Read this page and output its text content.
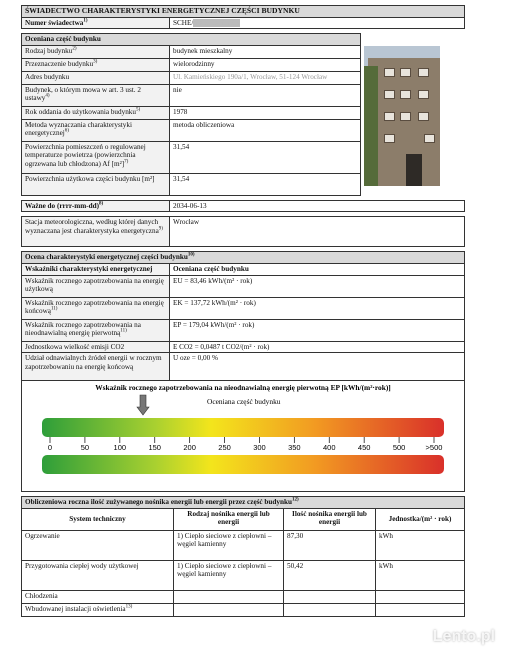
ŚWIADECTWO CHARAKTERYSTYKI ENERGETYCZNEJ CZĘŚCI BUDYNKU
Numer świadectwa$^{1)}$	SCHE/XXXXXXXXX
Oceniana część budynku		
Rodzaj budynku$^{2)}$	budynek mieszkalny	
Przeznaczenie budynku$^{3)}$	wielorodzinny	
Adres budynku	Ul. Kamieńskiego 190a/1, Wrocław, 51-124 Wrocław	
Budynek, o którym mowa w art. 3 ust. 2 ustawy$^{4)}$	nie	
Rok oddania do użytkowania budynku$^{5)}$	1978	
Metoda wyznaczania charakterystyki energetycznej$^{6)}$	metoda obliczeniowa	
Powierzchnia pomieszczeń o regulowanej temperaturze powietrza (powierzchnia ogrzewana lub chłodzona) Af $[m^2]^{7)}$	31,54	
Powierzchnia użytkowa części budynku [m²]	31,54	
Ważne do (rrrr-mm-dd)$^{8)}$	2034-06-13
Stacja meteorologiczna, według której danych wyznaczana jest charakterystyka energetyczna$^{9)}$	Wrocław
Ocena charakterystyki energetycznej części budynku$^{10)}$
Wskaźniki charakterystyki energetycznej	Oceniana część budynku
Wskaźnik rocznego zapotrzebowania na energię użytkową	EU = 83,46 kWh/(m² · rok)
Wskaźnik rocznego zapotrzebowania na energię końcową$^{11)}$	EK = 137,72 kWh/(m² · rok)
Wskaźnik rocznego zapotrzebowania na nieodnawialną energię pierwotną$^{11)}$	EP = 179,04 kWh/(m² · rok)
Jednostkowa wielkość emisji CO2	E CO2 = 0,0487 t CO2/(m² · rok)
Udział odnawialnych źródeł energii w rocznym zapotrzebowaniu na energię końcową	U oze = 0,00 %
Wskaźnik rocznego zapotrzebowania na nieodnawialną energię pierwotną EP [kWh/(m²·rok)]
Oceniana część budynku
0	50	100	150	200	250	300	350	400	450	500	>500
Obliczeniowa roczna ilość zużywanego nośnika energii lub energii przez część budynku$^{12)}$
System techniczny	Rodzaj nośnika energii lub energii	Ilość nośnika energii lub energii	Jednostka/(m² · rok)
Ogrzewanie	1) Ciepło sieciowe z ciepłowni – węgiel kamienny	87,30	kWh
Przygotowania ciepłej wody użytkowej	1) Ciepło sieciowe z ciepłowni – węgiel kamienny	50,42	kWh
Chłodzenia			
Wbudowanej instalacji oświetlenia$^{13)}$			
Lento.pl
